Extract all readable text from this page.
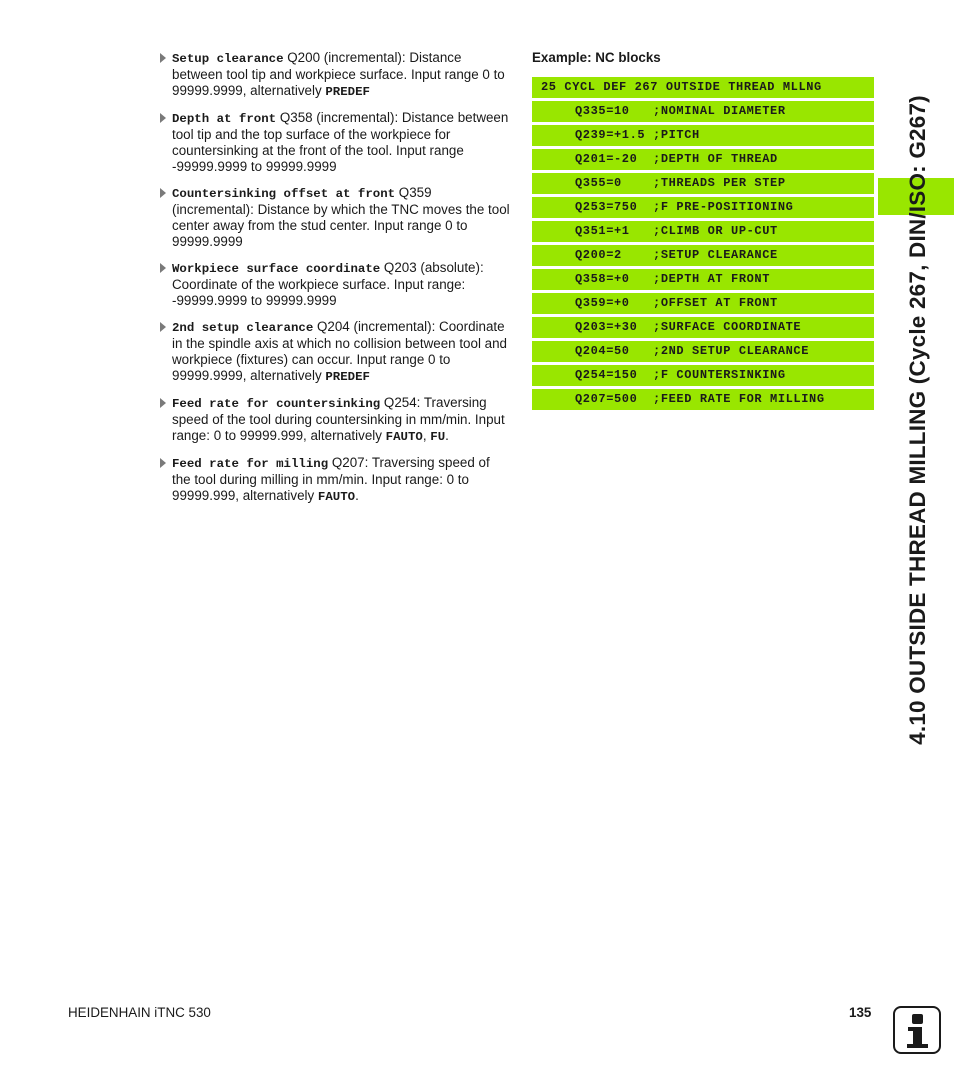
Setup clearance Q200 (incremental): Distance between tool tip and workpiece surface. Input range 0 to 99999.9999, alternatively PREDEF
Depth at front Q358 (incremental): Distance between tool tip and the top surface of the workpiece for countersinking at the front of the tool. Input range -99999.9999 to 99999.9999
Countersinking offset at front Q359 (incremental): Distance by which the TNC moves the tool center away from the stud center. Input range 0 to 99999.9999
Workpiece surface coordinate Q203 (absolute): Coordinate of the workpiece surface. Input range: -99999.9999 to 99999.9999
2nd setup clearance Q204 (incremental): Coordinate in the spindle axis at which no collision between tool and workpiece (fixtures) can occur. Input range 0 to 99999.9999, alternatively PREDEF
Feed rate for countersinking Q254: Traversing speed of the tool during countersinking in mm/min. Input range: 0 to 99999.999, alternatively FAUTO, FU.
Feed rate for milling Q207: Traversing speed of the tool during milling in mm/min. Input range: 0 to 99999.999, alternatively FAUTO.
Example: NC blocks
25 CYCL DEF 267 OUTSIDE THREAD MLLNG
Q335=10   ;NOMINAL DIAMETER
Q239=+1.5 ;PITCH
Q201=-20  ;DEPTH OF THREAD
Q355=0    ;THREADS PER STEP
Q253=750  ;F PRE-POSITIONING
Q351=+1   ;CLIMB OR UP-CUT
Q200=2    ;SETUP CLEARANCE
Q358=+0   ;DEPTH AT FRONT
Q359=+0   ;OFFSET AT FRONT
Q203=+30  ;SURFACE COORDINATE
Q204=50   ;2ND SETUP CLEARANCE
Q254=150  ;F COUNTERSINKING
Q207=500  ;FEED RATE FOR MILLING	4.10 OUTSIDE THREAD MILLING (Cycle 267, DIN/ISO: G267)
HEIDENHAIN iTNC 530	135
